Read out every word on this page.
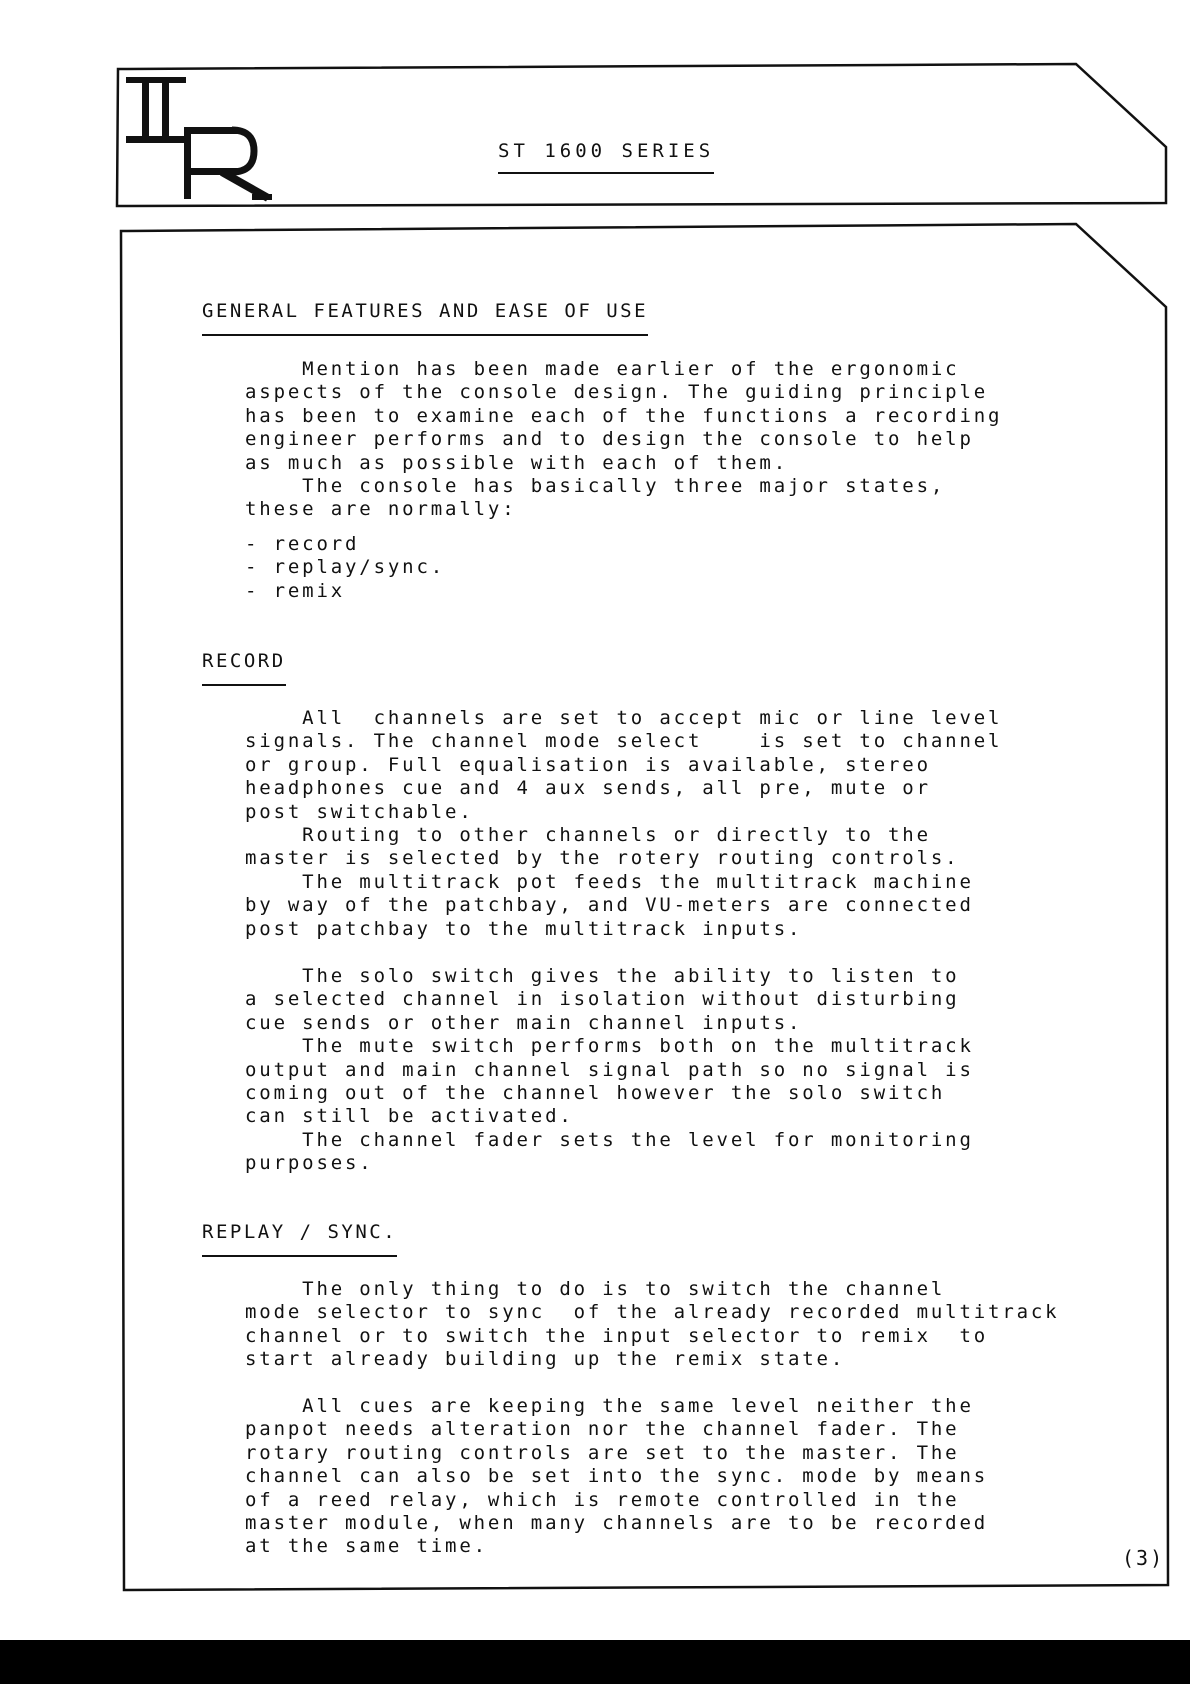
ST 1600 SERIES
GENERAL FEATURES AND EASE OF USE
Mention has been made earlier of the ergonomic
aspects of the console design. The guiding principle
has been to examine each of the functions a recording
engineer performs and to design the console to help
as much as possible with each of them.
The console has basically three major states,
these are normally:
- record
- replay/sync.
- remix
RECORD
All  channels are set to accept mic or line level
signals. The channel mode select    is set to channel
or group. Full equalisation is available, stereo
headphones cue and 4 aux sends, all pre, mute or
post switchable.
Routing to other channels or directly to the
master is selected by the rotery routing controls.
The multitrack pot feeds the multitrack machine
by way of the patchbay, and VU-meters are connected
post patchbay to the multitrack inputs.
The solo switch gives the ability to listen to
a selected channel in isolation without disturbing
cue sends or other main channel inputs.
The mute switch performs both on the multitrack
output and main channel signal path so no signal is
coming out of the channel however the solo switch
can still be activated.
The channel fader sets the level for monitoring
purposes.
REPLAY / SYNC.
The only thing to do is to switch the channel
mode selector to sync  of the already recorded multitrack
channel or to switch the input selector to remix  to
start already building up the remix state.
All cues are keeping the same level neither the
panpot needs alteration nor the channel fader. The
rotary routing controls are set to the master. The
channel can also be set into the sync. mode by means
of a reed relay, which is remote controlled in the
master module, when many channels are to be recorded
at the same time.	(3)
